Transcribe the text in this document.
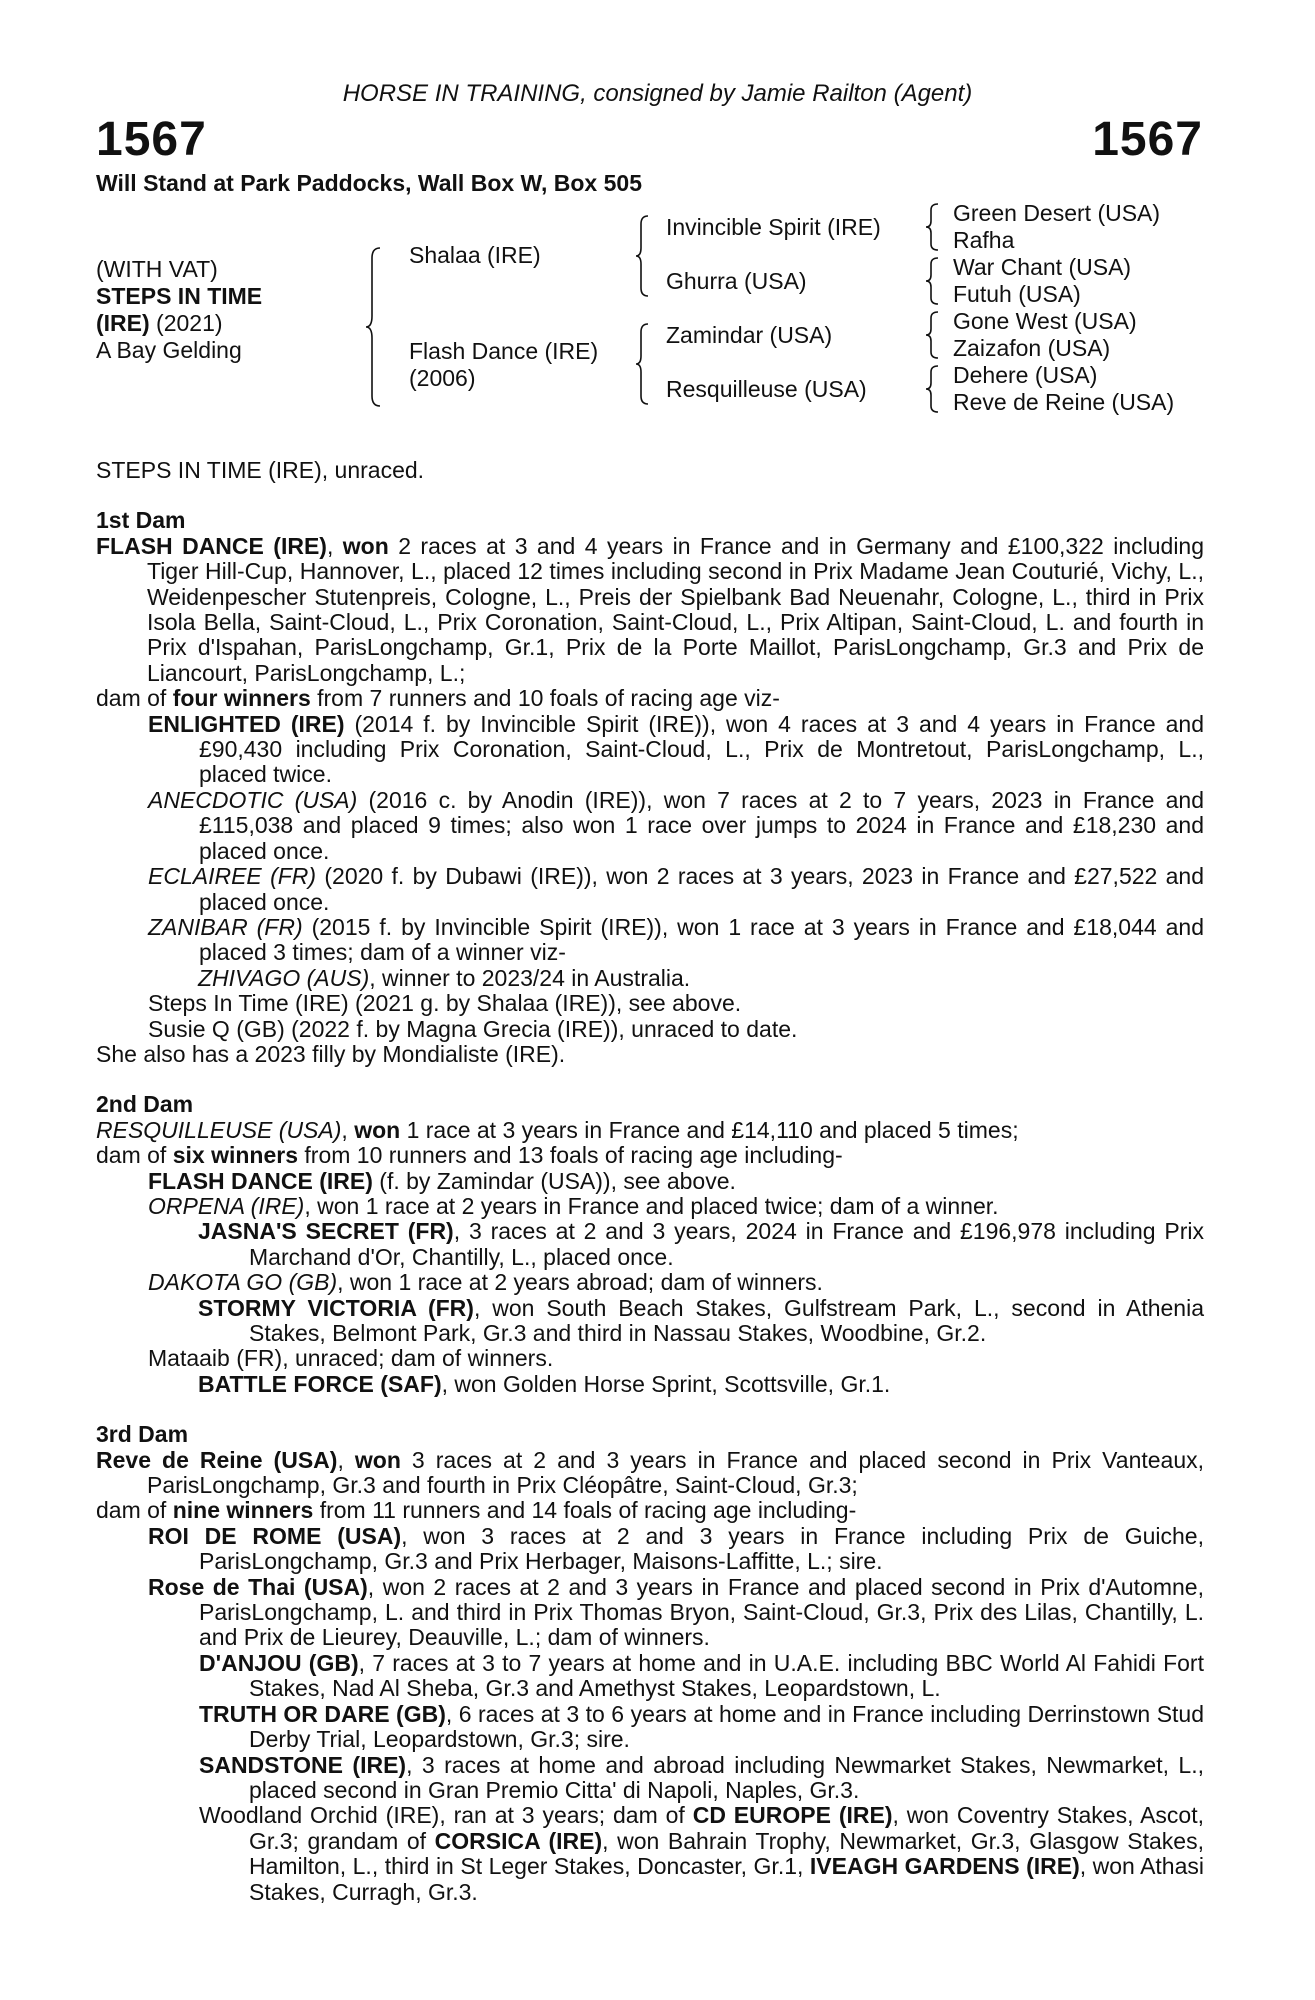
HORSE IN TRAINING, consigned by Jamie Railton (Agent)
1567	1567
Will Stand at Park Paddocks, Wall Box W, Box 505
(WITH VAT)
STEPS IN TIME
(IRE) (2021)
A Bay Gelding
Shalaa (IRE)
Flash Dance (IRE)
(2006)
Invincible Spirit (IRE)
Ghurra (USA)
Zamindar (USA)
Resquilleuse (USA)
Green Desert (USA)
Rafha
War Chant (USA)
Futuh (USA)
Gone West (USA)
Zaizafon (USA)
Dehere (USA)
Reve de Reine (USA)

STEPS IN TIME (IRE), unraced.

1st Dam

FLASH DANCE (IRE), won 2 races at 3 and 4 years in France and in Germany and £100,322 including Tiger Hill-Cup, Hannover, L., placed 12 times including second in Prix Madame Jean Couturié, Vichy, L., Weidenpescher Stutenpreis, Cologne, L., Preis der Spielbank Bad Neuenahr, Cologne, L., third in Prix Isola Bella, Saint-Cloud, L., Prix Coronation, Saint-Cloud, L., Prix Altipan, Saint-Cloud, L. and fourth in Prix d'Ispahan, ParisLongchamp, Gr.1, Prix de la Porte Maillot, ParisLongchamp, Gr.3 and Prix de Liancourt, ParisLongchamp, L.;

dam of four winners from 7 runners and 10 foals of racing age viz-

ENLIGHTED (IRE) (2014 f. by Invincible Spirit (IRE)), won 4 races at 3 and 4 years in France and £90,430 including Prix Coronation, Saint-Cloud, L., Prix de Montretout, ParisLongchamp, L., placed twice.

ANECDOTIC (USA) (2016 c. by Anodin (IRE)), won 7 races at 2 to 7 years, 2023 in France and £115,038 and placed 9 times; also won 1 race over jumps to 2024 in France and £18,230 and placed once.

ECLAIREE (FR) (2020 f. by Dubawi (IRE)), won 2 races at 3 years, 2023 in France and £27,522 and placed once.

ZANIBAR (FR) (2015 f. by Invincible Spirit (IRE)), won 1 race at 3 years in France and £18,044 and placed 3 times; dam of a winner viz-

ZHIVAGO (AUS), winner to 2023/24 in Australia.

Steps In Time (IRE) (2021 g. by Shalaa (IRE)), see above.

Susie Q (GB) (2022 f. by Magna Grecia (IRE)), unraced to date.

She also has a 2023 filly by Mondialiste (IRE).

2nd Dam

RESQUILLEUSE (USA), won 1 race at 3 years in France and £14,110 and placed 5 times;

dam of six winners from 10 runners and 13 foals of racing age including-

FLASH DANCE (IRE) (f. by Zamindar (USA)), see above.

ORPENA (IRE), won 1 race at 2 years in France and placed twice; dam of a winner.

JASNA'S SECRET (FR), 3 races at 2 and 3 years, 2024 in France and £196,978 including Prix Marchand d'Or, Chantilly, L., placed once.

DAKOTA GO (GB), won 1 race at 2 years abroad; dam of winners.

STORMY VICTORIA (FR), won South Beach Stakes, Gulfstream Park, L., second in Athenia Stakes, Belmont Park, Gr.3 and third in Nassau Stakes, Woodbine, Gr.2.

Mataaib (FR), unraced; dam of winners.

BATTLE FORCE (SAF), won Golden Horse Sprint, Scottsville, Gr.1.

3rd Dam

Reve de Reine (USA), won 3 races at 2 and 3 years in France and placed second in Prix Vanteaux, ParisLongchamp, Gr.3 and fourth in Prix Cléopâtre, Saint-Cloud, Gr.3;

dam of nine winners from 11 runners and 14 foals of racing age including-

ROI DE ROME (USA), won 3 races at 2 and 3 years in France including Prix de Guiche, ParisLongchamp, Gr.3 and Prix Herbager, Maisons-Laffitte, L.; sire.

Rose de Thai (USA), won 2 races at 2 and 3 years in France and placed second in Prix d'Automne, ParisLongchamp, L. and third in Prix Thomas Bryon, Saint-Cloud, Gr.3, Prix des Lilas, Chantilly, L. and Prix de Lieurey, Deauville, L.; dam of winners.

D'ANJOU (GB), 7 races at 3 to 7 years at home and in U.A.E. including BBC World Al Fahidi Fort Stakes, Nad Al Sheba, Gr.3 and Amethyst Stakes, Leopardstown, L.

TRUTH OR DARE (GB), 6 races at 3 to 6 years at home and in France including Derrinstown Stud Derby Trial, Leopardstown, Gr.3; sire.

SANDSTONE (IRE), 3 races at home and abroad including Newmarket Stakes, Newmarket, L., placed second in Gran Premio Citta' di Napoli, Naples, Gr.3.

Woodland Orchid (IRE), ran at 3 years; dam of CD EUROPE (IRE), won Coventry Stakes, Ascot, Gr.3; grandam of CORSICA (IRE), won Bahrain Trophy, Newmarket, Gr.3, Glasgow Stakes, Hamilton, L., third in St Leger Stakes, Doncaster, Gr.1, IVEAGH GARDENS (IRE), won Athasi Stakes, Curragh, Gr.3.
